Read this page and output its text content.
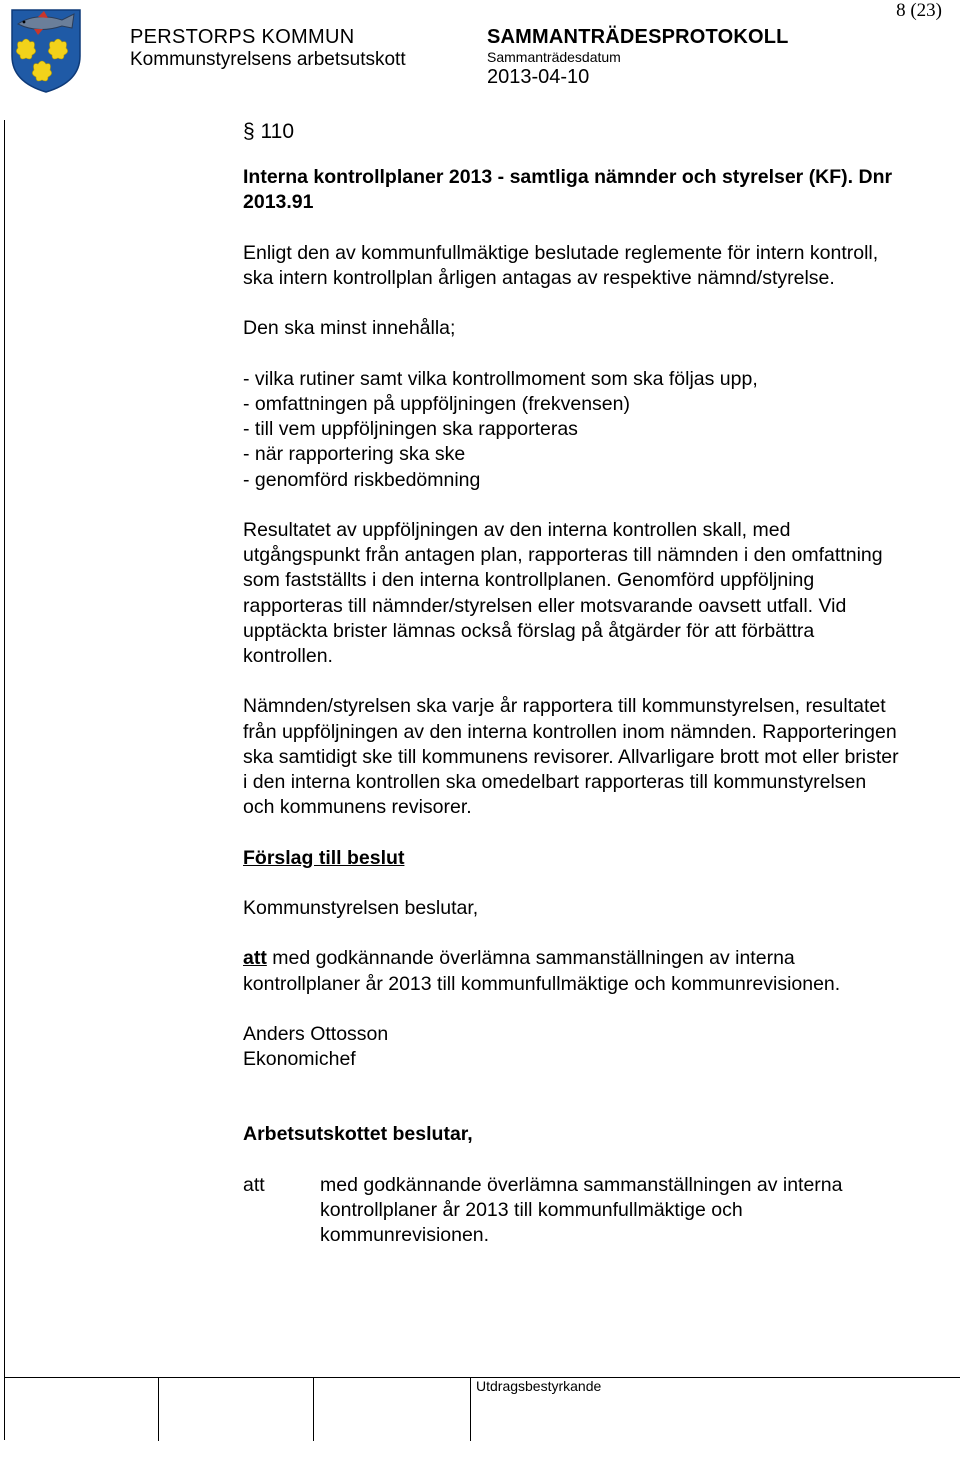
8 (23)
PERSTORPS KOMMUN
Kommunstyrelsens arbetsutskott
SAMMANTRÄDESPROTOKOLL
Sammanträdesdatum
2013-04-10

§ 110

Interna kontrollplaner 2013 - samtliga nämnder och styrelser (KF). Dnr 2013.91

Enligt den av kommunfullmäktige beslutade reglemente för intern kontroll, ska intern kontrollplan årligen antagas av respektive nämnd/styrelse.

Den ska minst innehålla;

- vilka rutiner samt vilka kontrollmoment som ska följas upp,
- omfattningen på uppföljningen (frekvensen)
- till vem uppföljningen ska rapporteras
- när rapportering ska ske
- genomförd riskbedömning

Resultatet av uppföljningen av den interna kontrollen skall, med utgångspunkt från antagen plan, rapporteras till nämnden i den omfattning som fastställts i den interna kontrollplanen. Genomförd uppföljning rapporteras till nämnder/styrelsen eller motsvarande oavsett utfall. Vid upptäckta brister lämnas också förslag på åtgärder för att förbättra kontrollen.

Nämnden/styrelsen ska varje år rapportera till kommunstyrelsen, resultatet från uppföljningen av den interna kontrollen inom nämnden. Rapporteringen ska samtidigt ske till kommunens revisorer. Allvarligare brott mot eller brister i den interna kontrollen ska omedelbart rapporteras till kommunstyrelsen och kommunens revisorer.

Förslag till beslut

Kommunstyrelsen beslutar,

att med godkännande överlämna sammanställningen av interna kontrollplaner år 2013 till kommunfullmäktige och kommunrevisionen.

Anders Ottosson
Ekonomichef

Arbetsutskottet beslutar,

att	med godkännande överlämna sammanställningen av interna kontrollplaner år 2013 till kommunfullmäktige och kommunrevisionen.
Utdragsbestyrkande
